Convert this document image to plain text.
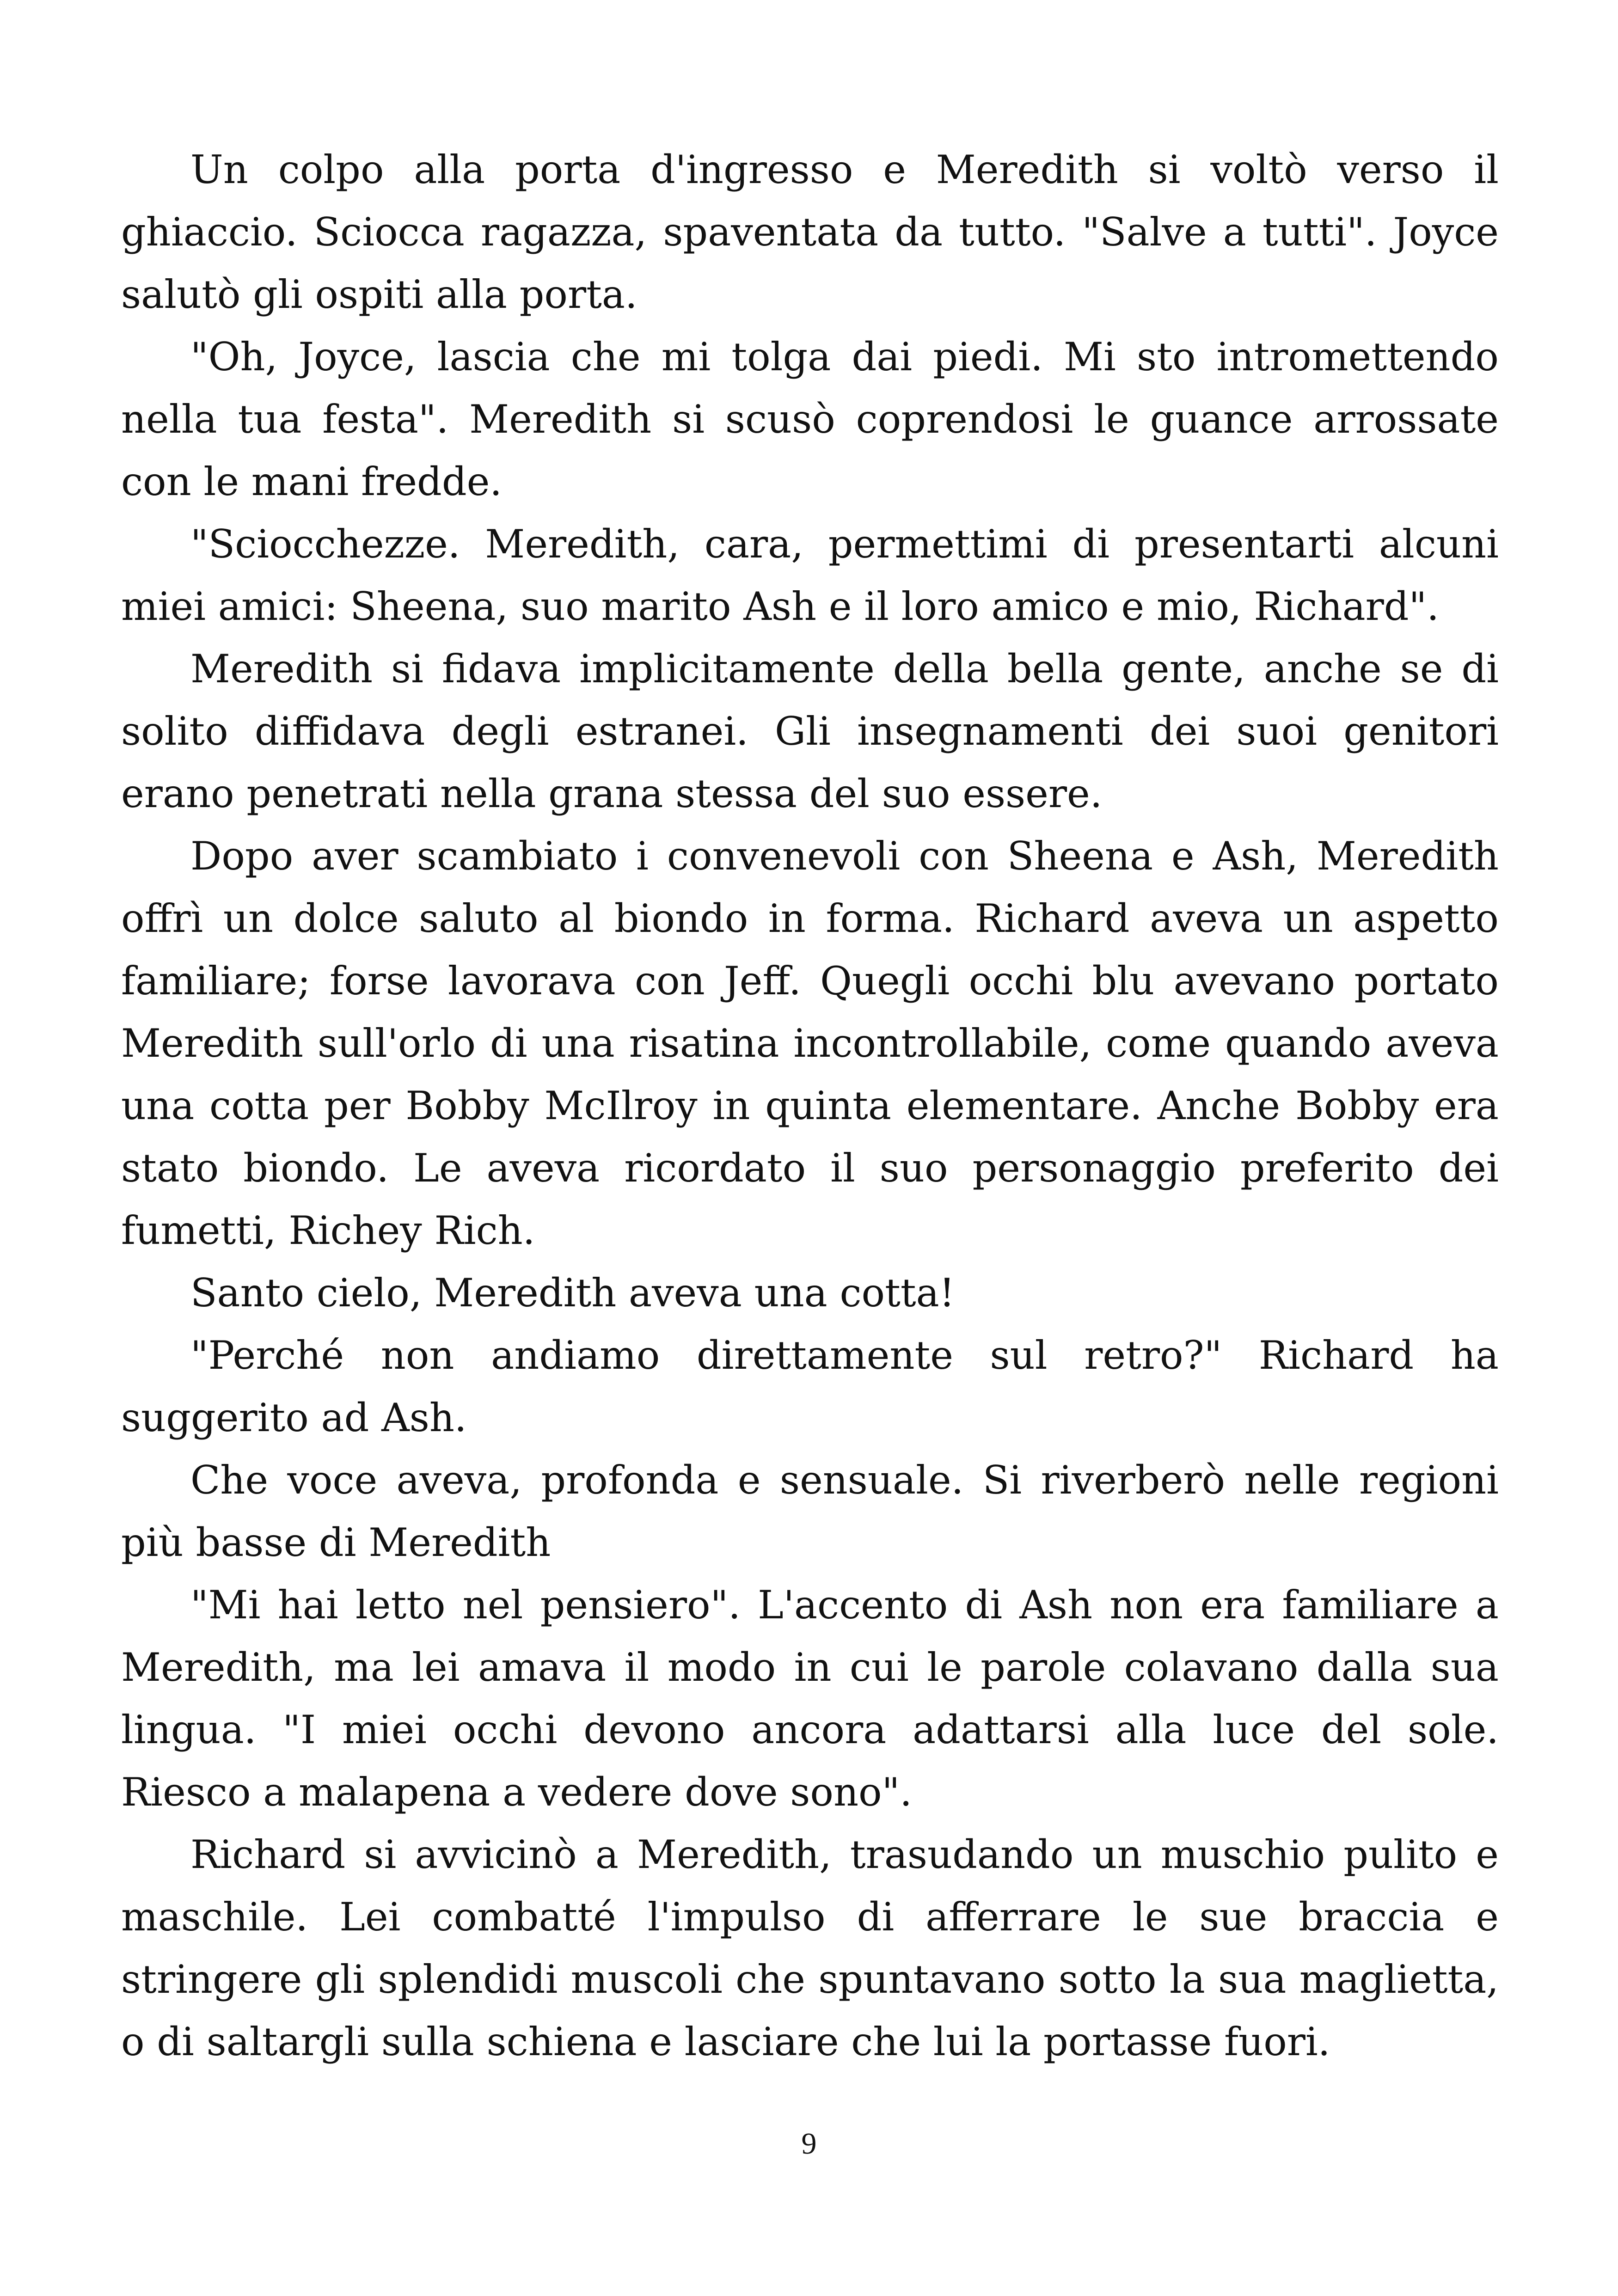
Un colpo alla porta d'ingresso e Meredith si voltò verso il ghiaccio. Sciocca ragazza, spaventata da tutto. "Salve a tutti". Joyce salutò gli ospiti alla porta.

"Oh, Joyce, lascia che mi tolga dai piedi. Mi sto intromettendo nella tua festa". Meredith si scusò coprendosi le guance arrossate con le mani fredde.

"Sciocchezze. Meredith, cara, permettimi di presentarti alcuni miei amici: Sheena, suo marito Ash e il loro amico e mio, Richard".

Meredith si fidava implicitamente della bella gente, anche se di solito diffidava degli estranei. Gli insegnamenti dei suoi genitori erano penetrati nella grana stessa del suo essere.

Dopo aver scambiato i convenevoli con Sheena e Ash, Meredith offrì un dolce saluto al biondo in forma. Richard aveva un aspetto familiare; forse lavorava con Jeff. Quegli occhi blu avevano portato Meredith sull'orlo di una risatina incontrollabile, come quando aveva una cotta per Bobby McIlroy in quinta elementare. Anche Bobby era stato biondo. Le aveva ricordato il suo personaggio preferito dei fumetti, Richey Rich.

Santo cielo, Meredith aveva una cotta!

"Perché non andiamo direttamente sul retro?" Richard ha suggerito ad Ash.

Che voce aveva, profonda e sensuale. Si riverberò nelle regioni più basse di Meredith

"Mi hai letto nel pensiero". L'accento di Ash non era familiare a Meredith, ma lei amava il modo in cui le parole colavano dalla sua lingua. "I miei occhi devono ancora adattarsi alla luce del sole. Riesco a malapena a vedere dove sono".

Richard si avvicinò a Meredith, trasudando un muschio pulito e maschile. Lei combatté l'impulso di afferrare le sue braccia e stringere gli splendidi muscoli che spuntavano sotto la sua maglietta, o di saltargli sulla schiena e lasciare che lui la portasse fuori.

9
